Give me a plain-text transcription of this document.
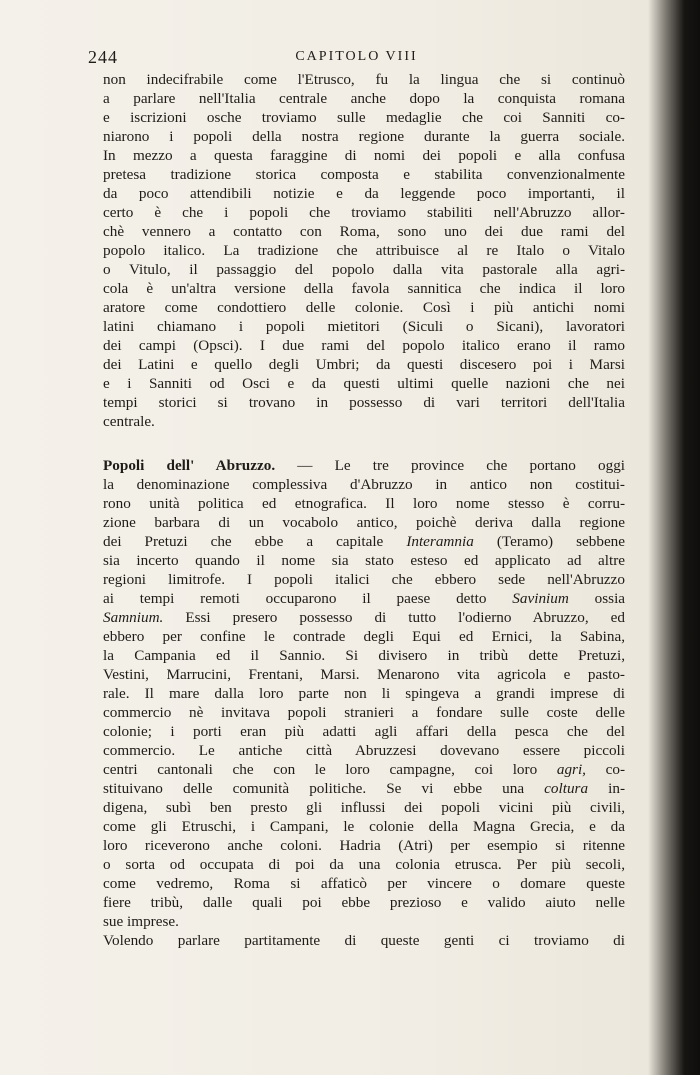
244	CAPITOLO VIII
non indecifrabile come l'Etrusco, fu la lingua che si continuò
a parlare nell'Italia centrale anche dopo la conquista romana
e iscrizioni osche troviamo sulle medaglie che coi Sanniti co-
niarono i popoli della nostra regione durante la guerra sociale.
In mezzo a questa faraggine di nomi dei popoli e alla confusa
pretesa tradizione storica composta e stabilita convenzionalmente
da poco attendibili notizie e da leggende poco importanti, il
certo è che i popoli che troviamo stabiliti nell'Abruzzo allor-
chè vennero a contatto con Roma, sono uno dei due rami del
popolo italico. La tradizione che attribuisce al re Italo o Vitalo
o Vitulo, il passaggio del popolo dalla vita pastorale alla agri-
cola è un'altra versione della favola sannitica che indica il loro
aratore come condottiero delle colonie. Così i più antichi nomi
latini chiamano i popoli mietitori (Siculi o Sicani), lavoratori
dei campi (Opsci). I due rami del popolo italico erano il ramo
dei Latini e quello degli Umbri; da questi discesero poi i Marsi
e i Sanniti od Osci e da questi ultimi quelle nazioni che nei
tempi storici si trovano in possesso di vari territori dell'Italia
centrale.
Popoli dell' Abruzzo. — Le tre province che portano oggi
la denominazione complessiva d'Abruzzo in antico non costitui-
rono unità politica ed etnografica. Il loro nome stesso è corru-
zione barbara di un vocabolo antico, poichè deriva dalla regione
dei Pretuzi che ebbe a capitale Interamnia (Teramo) sebbene
sia incerto quando il nome sia stato esteso ed applicato ad altre
regioni limitrofe. I popoli italici che ebbero sede nell'Abruzzo
ai tempi remoti occuparono il paese detto Savinium ossia
Samnium. Essi presero possesso di tutto l'odierno Abruzzo, ed
ebbero per confine le contrade degli Equi ed Ernici, la Sabina,
la Campania ed il Sannio. Si divisero in tribù dette Pretuzi,
Vestini, Marrucini, Frentani, Marsi. Menarono vita agricola e pasto-
rale. Il mare dalla loro parte non li spingeva a grandi imprese di
commercio nè invitava popoli stranieri a fondare sulle coste delle
colonie; i porti eran più adatti agli affari della pesca che del
commercio. Le antiche città Abruzzesi dovevano essere piccoli
centri cantonali che con le loro campagne, coi loro agri, co-
stituivano delle comunità politiche. Se vi ebbe una coltura in-
digena, subì ben presto gli influssi dei popoli vicini più civili,
come gli Etruschi, i Campani, le colonie della Magna Grecia, e da
loro riceverono anche coloni. Hadria (Atri) per esempio si ritenne
o sorta od occupata di poi da una colonia etrusca. Per più secoli,
come vedremo, Roma si affaticò per vincere o domare queste
fiere tribù, dalle quali poi ebbe prezioso e valido aiuto nelle
sue imprese.
Volendo parlare partitamente di queste genti ci troviamo di
